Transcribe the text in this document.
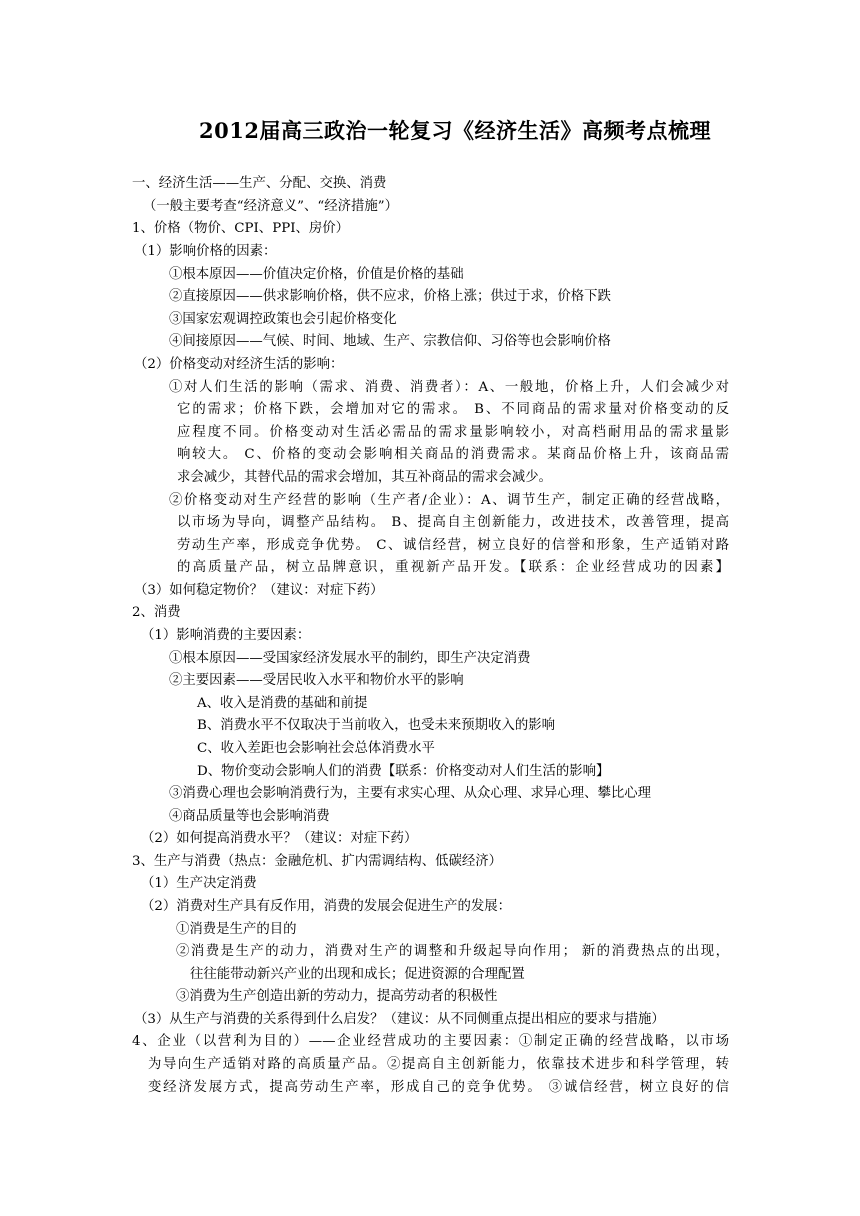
2012届高三政治一轮复习《经济生活》高频考点梳理
一、经济生活——生产、分配、交换、消费
（一般主要考查“经济意义”、“经济措施”）
1、价格（物价、CPI、PPI、房价）
（1）影响价格的因素：
①根本原因——价值决定价格，价值是价格的基础
②直接原因——供求影响价格，供不应求，价格上涨；供过于求，价格下跌
③国家宏观调控政策也会引起价格变化
④间接原因——气候、时间、地域、生产、宗教信仰、习俗等也会影响价格
（2）价格变动对经济生活的影响：
①对人们生活的影响（需求、消费、消费者）：A、一般地，价格上升，人们会减少对
它的需求；价格下跌，会增加对它的需求。 B、不同商品的需求量对价格变动的反
应程度不同。价格变动对生活必需品的需求量影响较小，对高档耐用品的需求量影
响较大。 C、价格的变动会影响相关商品的消费需求。某商品价格上升，该商品需
求会减少，其替代品的需求会增加，其互补商品的需求会减少。
②价格变动对生产经营的影响（生产者/企业）：A、调节生产，制定正确的经营战略，
以市场为导向，调整产品结构。 B、提高自主创新能力，改进技术，改善管理，提高
劳动生产率，形成竞争优势。 C、诚信经营，树立良好的信誉和形象，生产适销对路
的高质量产品，树立品牌意识，重视新产品开发。【联系：企业经营成功的因素】
（3）如何稳定物价？（建议：对症下药）
2、消费
（1）影响消费的主要因素：
①根本原因——受国家经济发展水平的制约，即生产决定消费
②主要因素——受居民收入水平和物价水平的影响
A、收入是消费的基础和前提
B、消费水平不仅取决于当前收入，也受未来预期收入的影响
C、收入差距也会影响社会总体消费水平
D、物价变动会影响人们的消费【联系：价格变动对人们生活的影响】
③消费心理也会影响消费行为，主要有求实心理、从众心理、求异心理、攀比心理
④商品质量等也会影响消费
（2）如何提高消费水平？（建议：对症下药）
3、生产与消费（热点：金融危机、扩内需调结构、低碳经济）
（1）生产决定消费
（2）消费对生产具有反作用，消费的发展会促进生产的发展：
①消费是生产的目的
②消费是生产的动力，消费对生产的调整和升级起导向作用； 新的消费热点的出现，
往往能带动新兴产业的出现和成长；促进资源的合理配置
③消费为生产创造出新的劳动力，提高劳动者的积极性
（3）从生产与消费的关系得到什么启发？（建议：从不同侧重点提出相应的要求与措施）
4、企业（以营利为目的）——企业经营成功的主要因素：①制定正确的经营战略，以市场
为导向生产适销对路的高质量产品。②提高自主创新能力，依靠技术进步和科学管理，转
变经济发展方式，提高劳动生产率，形成自己的竞争优势。 ③诚信经营，树立良好的信
